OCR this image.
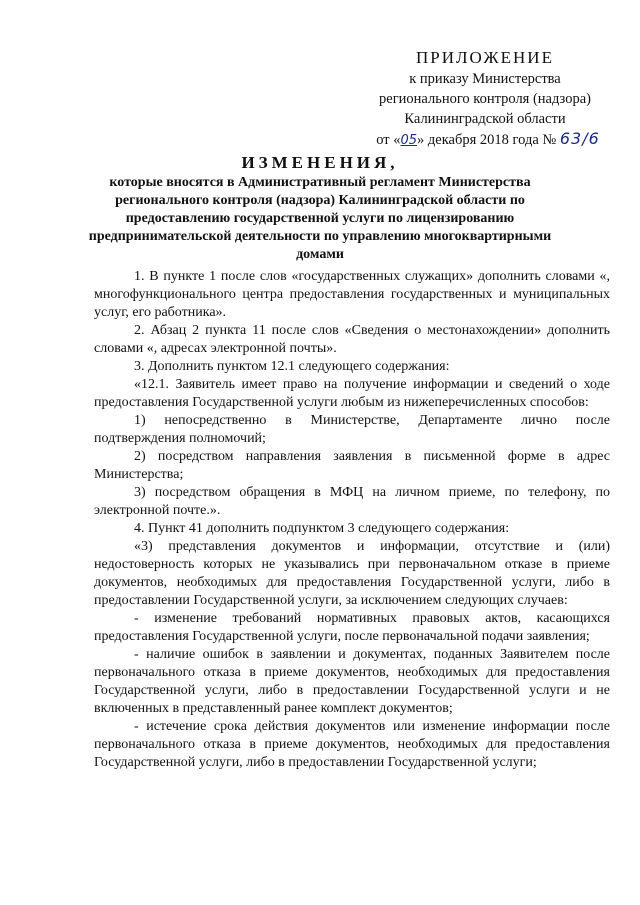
ПРИЛОЖЕНИЕ
к приказу Министерства
регионального контроля (надзора)
Калининградской области
от «05» декабря 2018 года № 63/6
ИЗМЕНЕНИЯ,
которые вносятся в Административный регламент Министерства регионального контроля (надзора) Калининградской области по предоставлению государственной услуги по лицензированию предпринимательской деятельности по управлению многоквартирными домами

1. В пункте 1 после слов «государственных служащих» дополнить словами «, многофункционального центра предоставления государственных и муниципальных услуг, его работника».

2. Абзац 2 пункта 11 после слов «Сведения о местонахождении» дополнить словами «, адресах электронной почты».

3. Дополнить пунктом 12.1 следующего содержания:

«12.1. Заявитель имеет право на получение информации и сведений о ходе предоставления Государственной услуги любым из нижеперечисленных способов:

1) непосредственно в Министерстве, Департаменте лично после подтверждения полномочий;

2) посредством направления заявления в письменной форме в адрес Министерства;

3) посредством обращения в МФЦ на личном приеме, по телефону, по электронной почте.».

4. Пункт 41 дополнить подпунктом 3 следующего содержания:

«3) представления документов и информации, отсутствие и (или) недостоверность которых не указывались при первоначальном отказе в приеме документов, необходимых для предоставления Государственной услуги, либо в предоставлении Государственной услуги, за исключением следующих случаев:

- изменение требований нормативных правовых актов, касающихся предоставления Государственной услуги, после первоначальной подачи заявления;

- наличие ошибок в заявлении и документах, поданных Заявителем после первоначального отказа в приеме документов, необходимых для предоставления Государственной услуги, либо в предоставлении Государственной услуги и не включенных в представленный ранее комплект документов;

- истечение срока действия документов или изменение информации после первоначального отказа в приеме документов, необходимых для предоставления Государственной услуги, либо в предоставлении Государственной услуги;
